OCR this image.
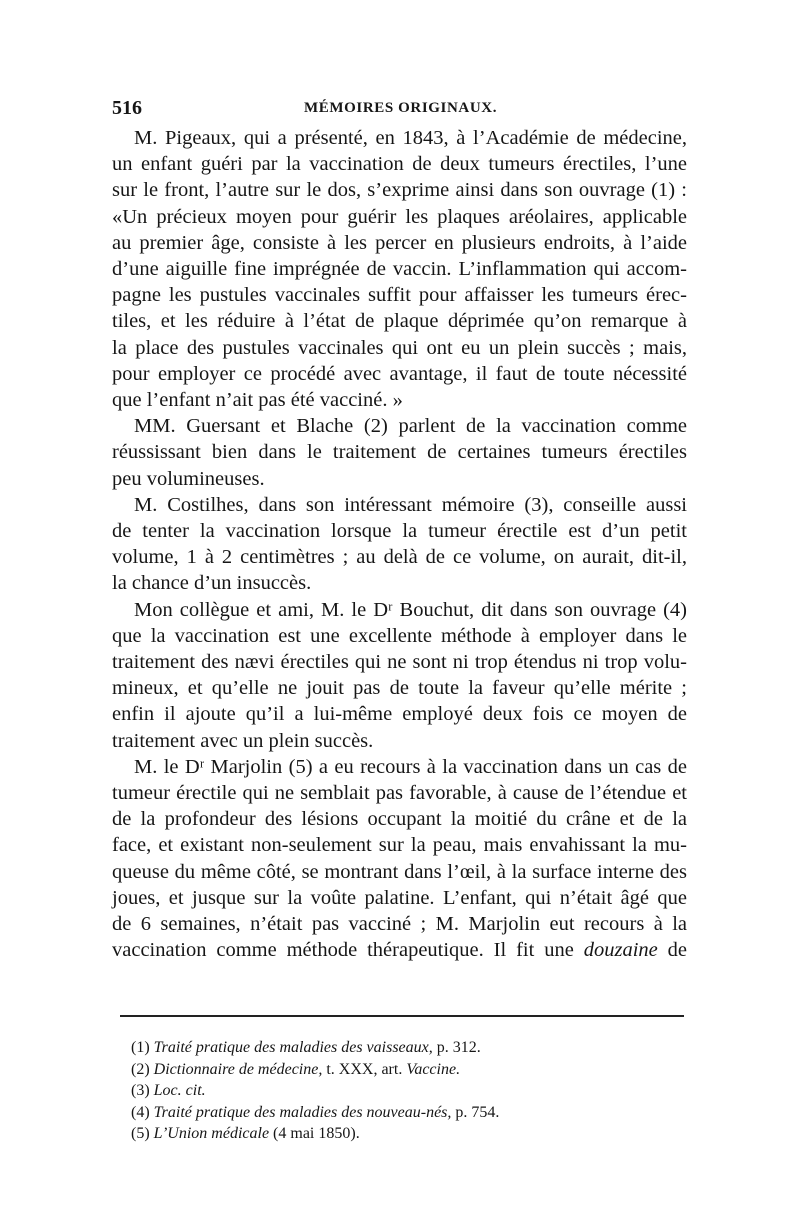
516	MÉMOIRES ORIGINAUX.

M. Pigeaux, qui a présenté, en 1843, à l’Académie de médecine,
un enfant guéri par la vaccination de deux tumeurs érectiles, l’une
sur le front, l’autre sur le dos, s’exprime ainsi dans son ouvrage (1) :
«Un précieux moyen pour guérir les plaques aréolaires, applicable
au premier âge, consiste à les percer en plusieurs endroits, à l’aide
d’une aiguille fine imprégnée de vaccin. L’inflammation qui accom-
pagne les pustules vaccinales suffit pour affaisser les tumeurs érec-
tiles, et les réduire à l’état de plaque déprimée qu’on remarque à
la place des pustules vaccinales qui ont eu un plein succès ; mais,
pour employer ce procédé avec avantage, il faut de toute nécessité
que l’enfant n’ait pas été vacciné. »

MM. Guersant et Blache (2) parlent de la vaccination comme
réussissant bien dans le traitement de certaines tumeurs érectiles
peu volumineuses.

M. Costilhes, dans son intéressant mémoire (3), conseille aussi
de tenter la vaccination lorsque la tumeur érectile est d’un petit
volume, 1 à 2 centimètres ; au delà de ce volume, on aurait, dit-il,
la chance d’un insuccès.

Mon collègue et ami, M. le Dʳ Bouchut, dit dans son ouvrage (4)
que la vaccination est une excellente méthode à employer dans le
traitement des nævi érectiles qui ne sont ni trop étendus ni trop volu-
mineux, et qu’elle ne jouit pas de toute la faveur qu’elle mérite ;
enfin il ajoute qu’il a lui-même employé deux fois ce moyen de
traitement avec un plein succès.

M. le Dʳ Marjolin (5) a eu recours à la vaccination dans un cas de
tumeur érectile qui ne semblait pas favorable, à cause de l’étendue et
de la profondeur des lésions occupant la moitié du crâne et de la
face, et existant non-seulement sur la peau, mais envahissant la mu-
queuse du même côté, se montrant dans l’œil, à la surface interne des
joues, et jusque sur la voûte palatine. L’enfant, qui n’était âgé que
de 6 semaines, n’était pas vacciné ; M. Marjolin eut recours à la
vaccination comme méthode thérapeutique. Il fit une douzaine de

(1) Traité pratique des maladies des vaisseaux, p. 312.
(2) Dictionnaire de médecine, t. XXX, art. Vaccine.
(3) Loc. cit.
(4) Traité pratique des maladies des nouveau-nés, p. 754.
(5) L’Union médicale (4 mai 1850).
